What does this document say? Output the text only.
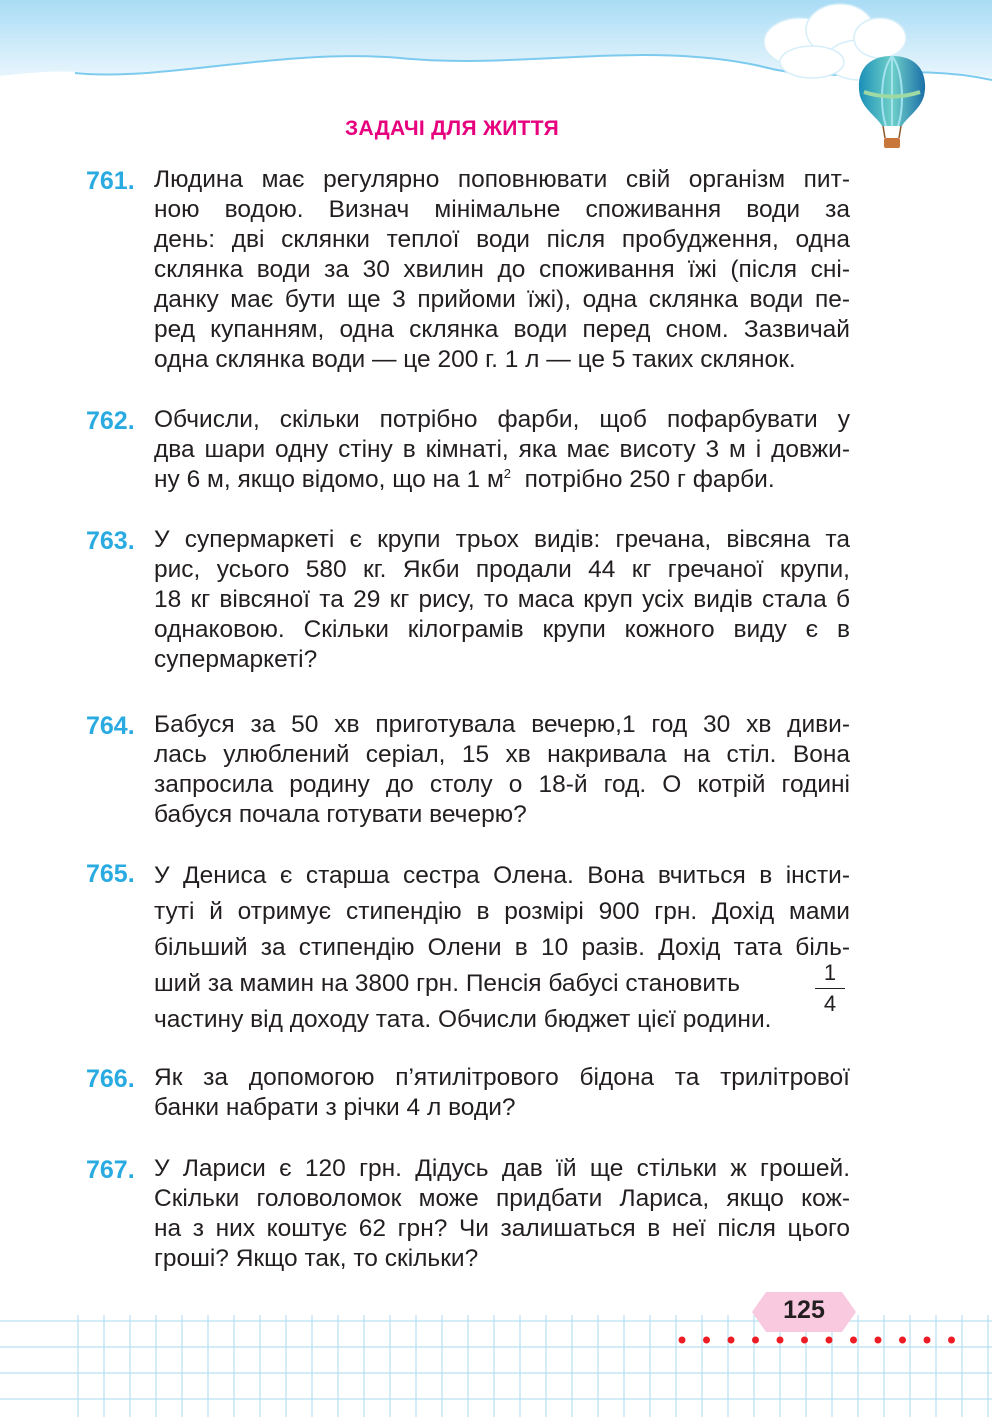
ЗАДАЧІ ДЛЯ ЖИТТЯ
761. Людина має регулярно поповнювати свій організм пит-
ною водою. Визнач мінімальне споживання води за
день: дві склянки теплої води після пробудження, одна
склянка води за 30 хвилин до споживання їжі (після сні-
данку має бути ще 3 прийоми їжі), одна склянка води пе-
ред купанням, одна склянка води перед сном. Зазвичай
одна склянка води — це 200 г. 1 л — це 5 таких склянок.
762. Обчисли, скільки потрібно фарби, щоб пофарбувати у
два шари одну стіну в кімнаті, яка має висоту 3 м і довжи-
ну 6 м, якщо відомо, що на 1 $м^2$  потрібно 250 г фарби.
763. У супермаркеті є крупи трьох видів: гречана, вівсяна та
рис, усього 580 кг. Якби продали 44 кг гречаної крупи,
18 кг вівсяної та 29 кг рису, то маса круп усіх видів стала б
однаковою. Скільки кілограмів крупи кожного виду є в
супермаркеті?
764. Бабуся за 50 хв приготувала вечерю,1 год 30 хв диви-
лась улюблений серіал, 15 хв накривала на стіл. Вона
запросила родину до столу о 18-й год. О котрій годині
бабуся почала готувати вечерю?
765. У Дениса є старша сестра Олена. Вона вчиться в інсти-
туті й отримує стипендію в розмірі 900 грн. Дохід мами
більший за стипендію Олени в 10 разів. Дохід тата біль-
ший за мамин на 3800 грн. Пенсія бабусі становить
частину від доходу тата. Обчисли бюджет цієї родини.
1
4
766. Як за допомогою п’ятилітрового бідона та трилітрової
банки набрати з річки 4 л води?
767. У Лариси є 120 грн. Дідусь дав їй ще стільки ж грошей.
Скільки головоломок може придбати Лариса, якщо кож-
на з них коштує 62 грн? Чи залишаться в неї після цього
гроші? Якщо так, то скільки?
125
